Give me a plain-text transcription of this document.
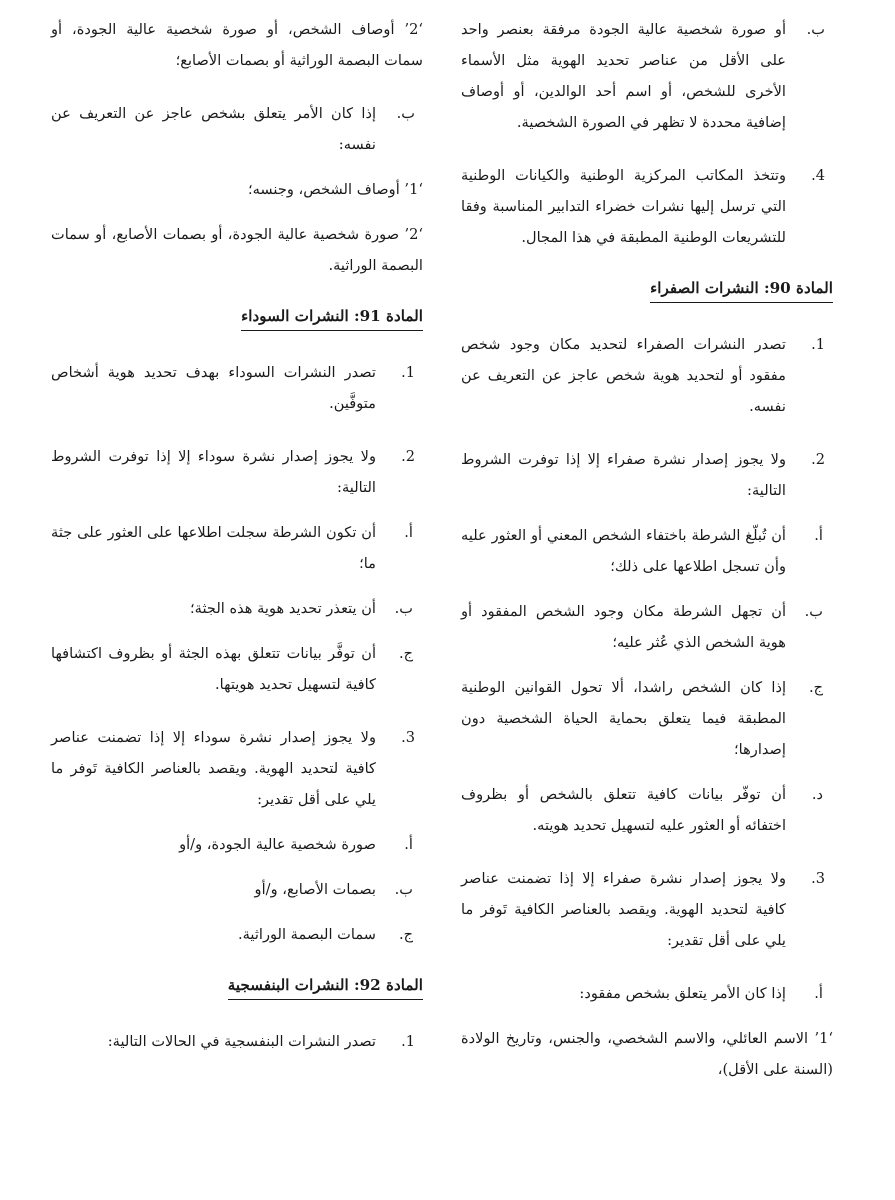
ب.
أو صورة شخصية عالية الجودة مرفقة بعنصر واحد على الأقل من عناصر تحديد الهوية مثل الأسماء الأخرى للشخص، أو اسم أحد الوالدين، أو أوصاف إضافية محددة لا تظهر في الصورة الشخصية.
4.
وتتخذ المكاتب المركزية الوطنية والكيانات الوطنية التي ترسل إليها نشرات خضراء التدابير المناسبة وفقا للتشريعات الوطنية المطبقة في هذا المجال.
المادة 90: النشرات الصفراء
1.
تصدر النشرات الصفراء لتحديد مكان وجود شخص مفقود أو لتحديد هوية شخص عاجز عن التعريف عن نفسه.
2.
ولا يجوز إصدار نشرة صفراء إلا إذا توفرت الشروط التالية:
أ.
أن تُبلّغ الشرطة باختفاء الشخص المعني أو العثور عليه وأن تسجل اطلاعها على ذلك؛
ب.
أن تجهل الشرطة مكان وجود الشخص المفقود أو هوية الشخص الذي عُثر عليه؛
ج.
إذا كان الشخص راشدا، ألا تحول القوانين الوطنية المطبقة فيما يتعلق بحماية الحياة الشخصية دون إصدارها؛
د.
أن توفّر بيانات كافية تتعلق بالشخص أو بظروف اختفائه أو العثور عليه لتسهيل تحديد هويته.
3.
ولا يجوز إصدار نشرة صفراء إلا إذا تضمنت عناصر كافية لتحديد الهوية. ويقصد بالعناصر الكافية تَوفر ما يلي على أقل تقدير:
أ.
إذا كان الأمر يتعلق بشخص مفقود:
‘1’ الاسم العائلي، والاسم الشخصي، والجنس، وتاريخ الولادة (السنة على الأقل)،
‘2’ أوصاف الشخص، أو صورة شخصية عالية الجودة، أو سمات البصمة الوراثية أو بصمات الأصابع؛
ب.
إذا كان الأمر يتعلق بشخص عاجز عن التعريف عن نفسه:
‘1’ أوصاف الشخص، وجنسه؛
‘2’ صورة شخصية عالية الجودة، أو بصمات الأصابع، أو سمات البصمة الوراثية.
المادة 91: النشرات السوداء
1.
تصدر النشرات السوداء بهدف تحديد هوية أشخاص متوفَّين.
2.
ولا يجوز إصدار نشرة سوداء إلا إذا توفرت الشروط التالية:
أ.
أن تكون الشرطة سجلت اطلاعها على العثور على جثة ما؛
ب.
أن يتعذر تحديد هوية هذه الجثة؛
ج.
أن توفَّر بيانات تتعلق بهذه الجثة أو بظروف اكتشافها كافية لتسهيل تحديد هويتها.
3.
ولا يجوز إصدار نشرة سوداء إلا إذا تضمنت عناصر كافية لتحديد الهوية. ويقصد بالعناصر الكافية تَوفر ما يلي على أقل تقدير:
أ.
صورة شخصية عالية الجودة، و/أو
ب.
بصمات الأصابع، و/أو
ج.
سمات البصمة الوراثية.
المادة 92: النشرات البنفسجية
1.
تصدر النشرات البنفسجية في الحالات التالية:
